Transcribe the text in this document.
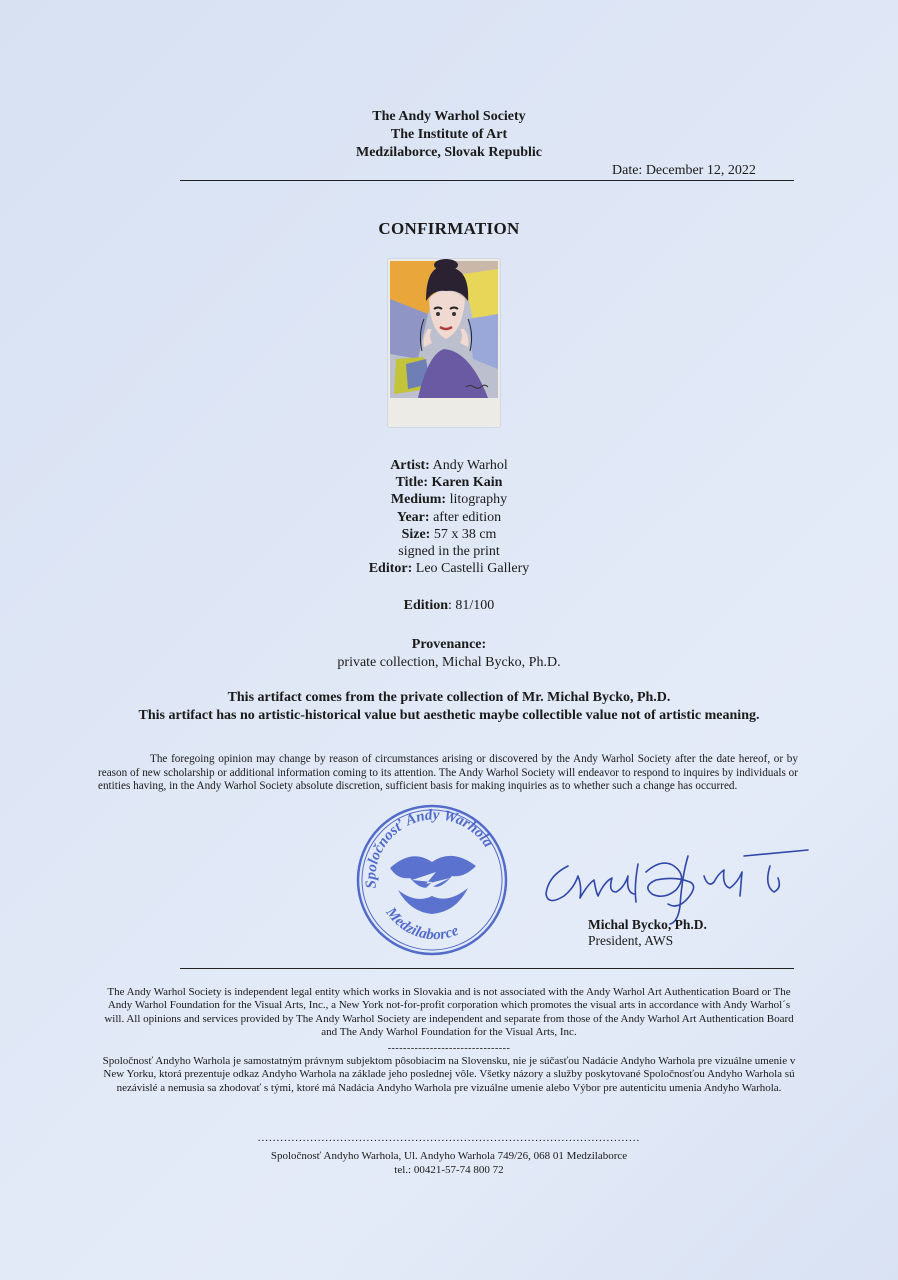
The Andy Warhol Society
The Institute of Art
Medzilaborce, Slovak Republic
Date: December 12, 2022
CONFIRMATION
Artist: Andy Warhol
Title: Karen Kain
Medium: litography
Year: after edition
Size: 57 x 38 cm
signed in the print
Editor: Leo Castelli Gallery
Edition: 81/100
Provenance:
private collection, Michal Bycko, Ph.D.
This artifact comes from the private collection of Mr. Michal Bycko, Ph.D.
This artifact has no artistic-historical value but aesthetic maybe collectible value not of artistic meaning.
The foregoing opinion may change by reason of circumstances arising or discovered by the Andy Warhol Society after the date hereof, or by reason of new scholarship or additional information coming to its attention. The Andy Warhol Society will endeavor to respond to inquires by individuals or entities having, in the Andy Warhol Society absolute discretion, sufficient basis for making inquiries as to whether such a change has occurred.
Spoločnosť Andy Warhola
Medzilaborce	Michal Bycko, Ph.D.
President, AWS
The Andy Warhol Society is independent legal entity which works in Slovakia and is not associated with the Andy Warhol Art Authentication Board or The Andy Warhol Foundation for the Visual Arts, Inc., a New York not-for-profit corporation which promotes the visual arts in accordance with Andy Warhol´s will. All opinions and services provided by The Andy Warhol Society are independent and separate from those of the Andy Warhol Art Authentication Board and The Andy Warhol Foundation for the Visual Arts, Inc.
--------------------------------
Spoločnosť Andyho Warhola je samostatným právnym subjektom pôsobiacim na Slovensku, nie je súčasťou Nadácie Andyho Warhola pre vizuálne umenie v New Yorku, ktorá prezentuje odkaz Andyho Warhola na základe jeho poslednej vôle. Všetky názory a služby poskytované Spoločnosťou Andyho Warhola sú nezávislé a nemusia sa zhodovať s tými, ktoré má Nadácia Andyho Warhola pre vizuálne umenie alebo Výbor pre autenticitu umenia Andyho Warhola.
......................................................................................................
Spoločnosť Andyho Warhola, Ul. Andyho Warhola 749/26, 068 01 Medzilaborce
tel.: 00421-57-74 800 72
